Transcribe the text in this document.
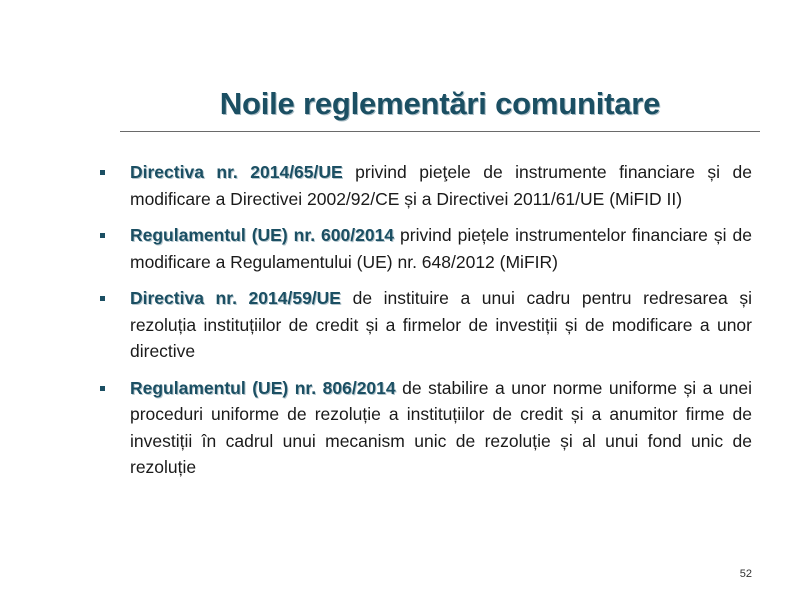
Noile reglementări comunitare
Directiva nr. 2014/65/UE privind pieţele de instrumente financiare și de modificare a Directivei 2002/92/CE și a Directivei 2011/61/UE (MiFID II)
Regulamentul (UE) nr. 600/2014 privind piețele instrumentelor financiare și de modificare a Regulamentului (UE) nr. 648/2012 (MiFIR)
Directiva nr. 2014/59/UE de instituire a unui cadru pentru redresarea și rezoluția instituțiilor de credit și a firmelor de investiții și de modificare a unor directive
Regulamentul (UE) nr. 806/2014 de stabilire a unor norme uniforme și a unei proceduri uniforme de rezoluție a instituțiilor de credit și a anumitor firme de investiții în cadrul unui mecanism unic de rezoluție și al unui fond unic de rezoluție
52
